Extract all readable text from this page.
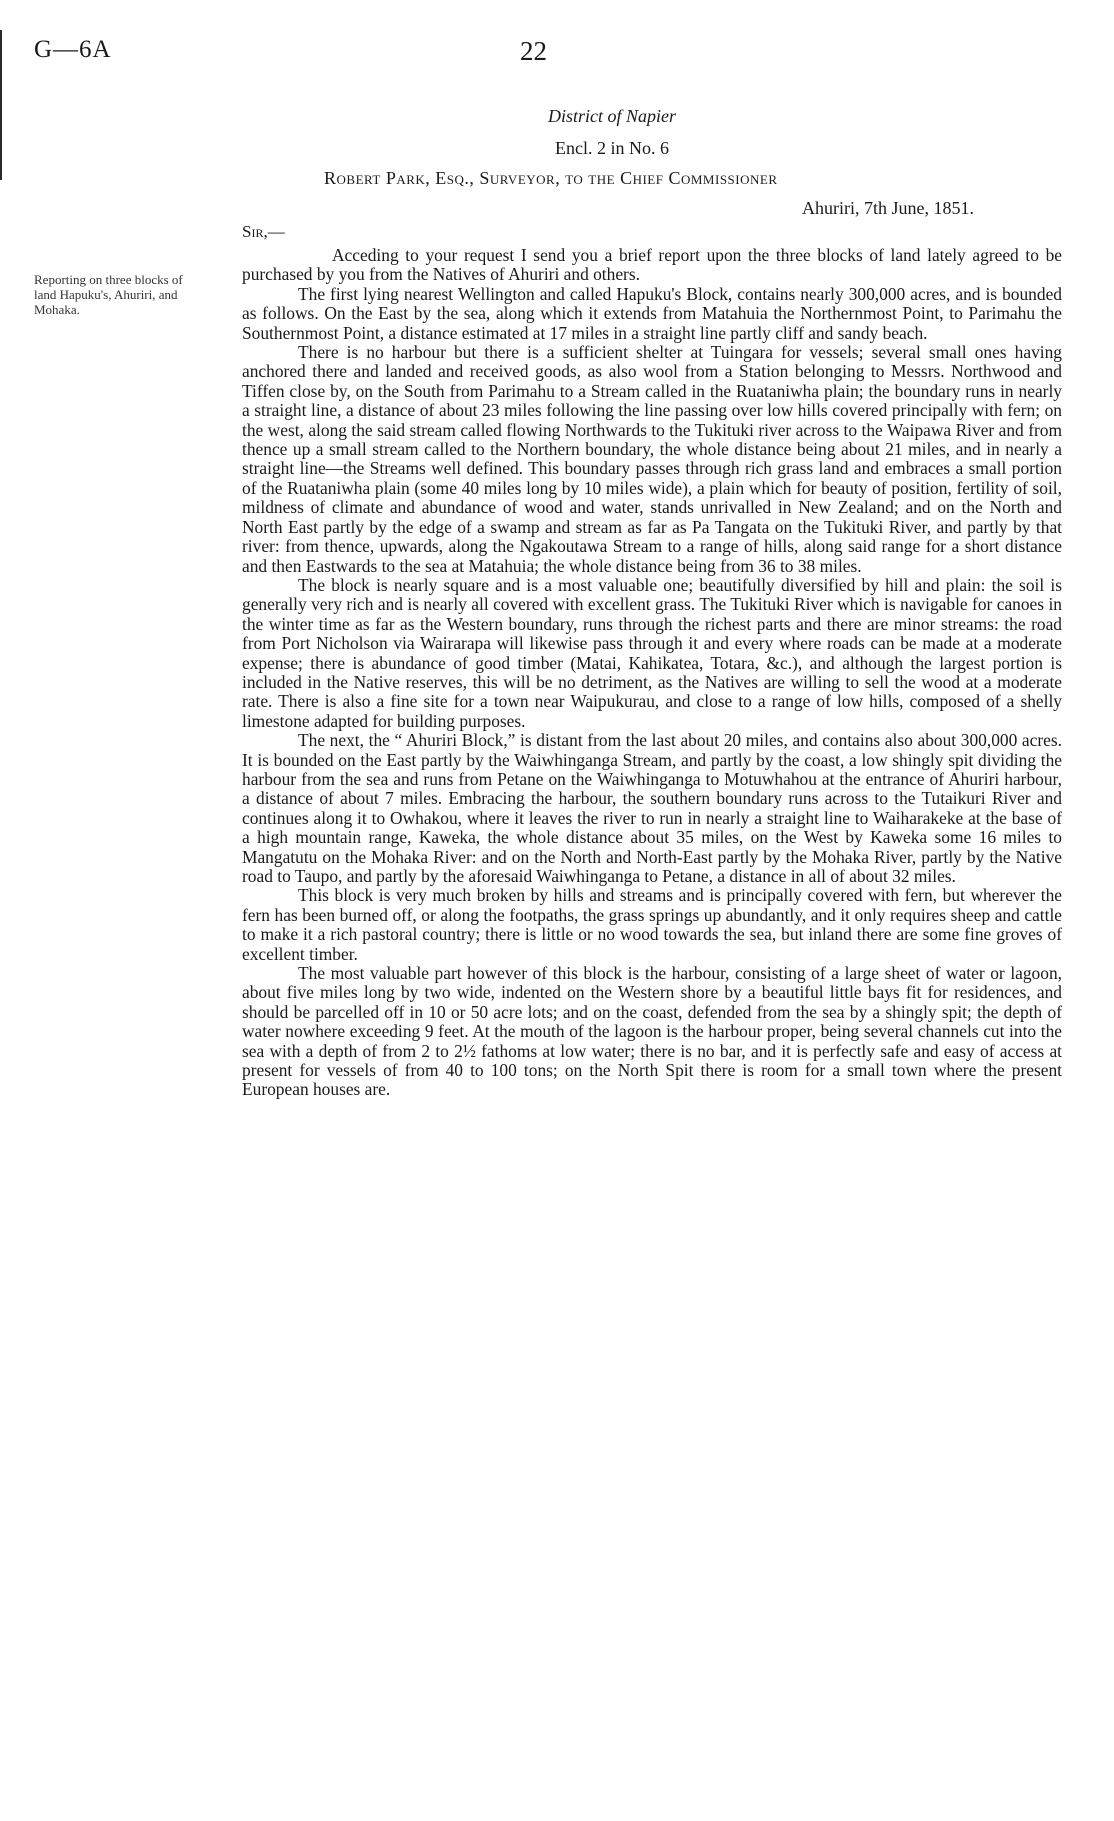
G—6A	22
Reporting on three blocks of land Hapuku's, Ahuriri, and Mohaka.
District of Napier
Encl. 2 in No. 6
Robert Park, Esq., Surveyor, to the Chief Commissioner
Ahuriri, 7th June, 1851.
Sir,—

Acceding to your request I send you a brief report upon the three blocks of land lately agreed to be purchased by you from the Natives of Ahuriri and others.

The first lying nearest Wellington and called Hapuku's Block, contains nearly 300,000 acres, and is bounded as follows. On the East by the sea, along which it extends from Matahuia the Northernmost Point, to Parimahu the Southernmost Point, a distance estimated at 17 miles in a straight line partly cliff and sandy beach.

There is no harbour but there is a sufficient shelter at Tuingara for vessels; several small ones having anchored there and landed and received goods, as also wool from a Station belonging to Messrs. Northwood and Tiffen close by, on the South from Parimahu to a Stream called in the Ruataniwha plain; the boundary runs in nearly a straight line, a distance of about 23 miles following the line passing over low hills covered principally with fern; on the west, along the said stream called flowing Northwards to the Tukituki river across to the Waipawa River and from thence up a small stream called to the Northern boundary, the whole distance being about 21 miles, and in nearly a straight line—the Streams well defined. This boundary passes through rich grass land and embraces a small portion of the Ruataniwha plain (some 40 miles long by 10 miles wide), a plain which for beauty of position, fertility of soil, mildness of climate and abundance of wood and water, stands unrivalled in New Zealand; and on the North and North East partly by the edge of a swamp and stream as far as Pa Tangata on the Tukituki River, and partly by that river: from thence, upwards, along the Ngakoutawa Stream to a range of hills, along said range for a short distance and then Eastwards to the sea at Matahuia; the whole distance being from 36 to 38 miles.

The block is nearly square and is a most valuable one; beautifully diversified by hill and plain: the soil is generally very rich and is nearly all covered with excellent grass. The Tukituki River which is navigable for canoes in the winter time as far as the Western boundary, runs through the richest parts and there are minor streams: the road from Port Nicholson via Wairarapa will likewise pass through it and every where roads can be made at a moderate expense; there is abundance of good timber (Matai, Kahikatea, Totara, &c.), and although the largest portion is included in the Native reserves, this will be no detriment, as the Natives are willing to sell the wood at a moderate rate. There is also a fine site for a town near Waipukurau, and close to a range of low hills, composed of a shelly limestone adapted for building purposes.

The next, the “ Ahuriri Block,” is distant from the last about 20 miles, and contains also about 300,000 acres. It is bounded on the East partly by the Waiwhinganga Stream, and partly by the coast, a low shingly spit dividing the harbour from the sea and runs from Petane on the Waiwhinganga to Motuwhahou at the entrance of Ahuriri harbour, a distance of about 7 miles. Embracing the harbour, the southern boundary runs across to the Tutaikuri River and continues along it to Owhakou, where it leaves the river to run in nearly a straight line to Waiharakeke at the base of a high mountain range, Kaweka, the whole distance about 35 miles, on the West by Kaweka some 16 miles to Mangatutu on the Mohaka River: and on the North and North-East partly by the Mohaka River, partly by the Native road to Taupo, and partly by the aforesaid Waiwhinganga to Petane, a distance in all of about 32 miles.

This block is very much broken by hills and streams and is principally covered with fern, but wherever the fern has been burned off, or along the footpaths, the grass springs up abundantly, and it only requires sheep and cattle to make it a rich pastoral country; there is little or no wood towards the sea, but inland there are some fine groves of excellent timber.

The most valuable part however of this block is the harbour, consisting of a large sheet of water or lagoon, about five miles long by two wide, indented on the Western shore by a beautiful little bays fit for residences, and should be parcelled off in 10 or 50 acre lots; and on the coast, defended from the sea by a shingly spit; the depth of water nowhere exceeding 9 feet. At the mouth of the lagoon is the harbour proper, being several channels cut into the sea with a depth of from 2 to 2½ fathoms at low water; there is no bar, and it is perfectly safe and easy of access at present for vessels of from 40 to 100 tons; on the North Spit there is room for a small town where the present European houses are.
